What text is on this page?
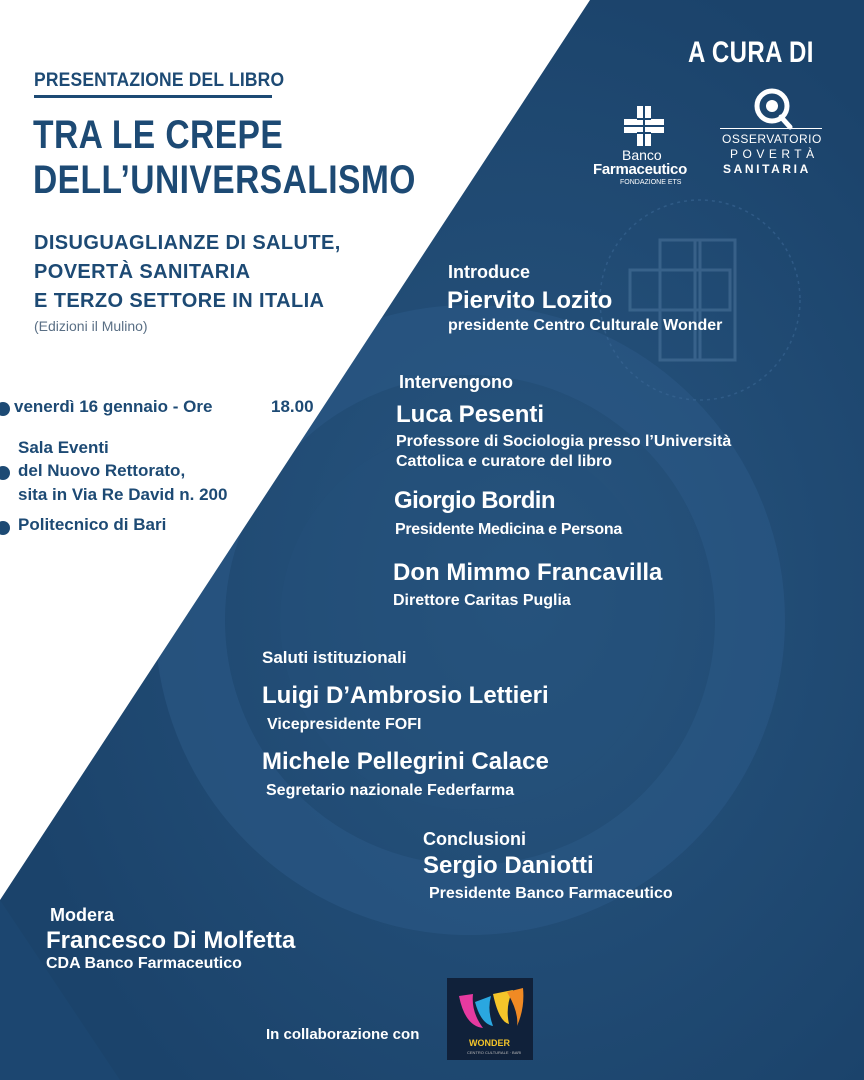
PRESENTAZIONE DEL LIBRO
TRA LE CREPE
DELL’UNIVERSALISMO
DISUGUAGLIANZE DI SALUTE,
POVERTÀ SANITARIA
E TERZO SETTORE IN ITALIA
(Edizioni il Mulino)
venerdì 16 gennaio - Ore	18.00
Sala Eventi
del Nuovo Rettorato,
sita in Via Re David n. 200
Politecnico di Bari
A CURA DI
Banco
Farmaceutico
FONDAZIONE ETS
OSSERVATORIO
POVERTÀ
SANITARIA
Introduce
Piervito Lozito
presidente Centro Culturale Wonder
Intervengono
Luca Pesenti
Professore di Sociologia presso l’Università
Cattolica e curatore del libro
Giorgio Bordin
Presidente Medicina e Persona
Don Mimmo Francavilla
Direttore Caritas Puglia
Saluti istituzionali
Luigi D’Ambrosio Lettieri
Vicepresidente FOFI
Michele Pellegrini Calace
Segretario nazionale Federfarma
Conclusioni
Sergio Daniotti
Presidente Banco Farmaceutico
Modera
Francesco Di Molfetta
CDA Banco Farmaceutico
In collaborazione con	WONDER
CENTRO CULTURALE · BARI
